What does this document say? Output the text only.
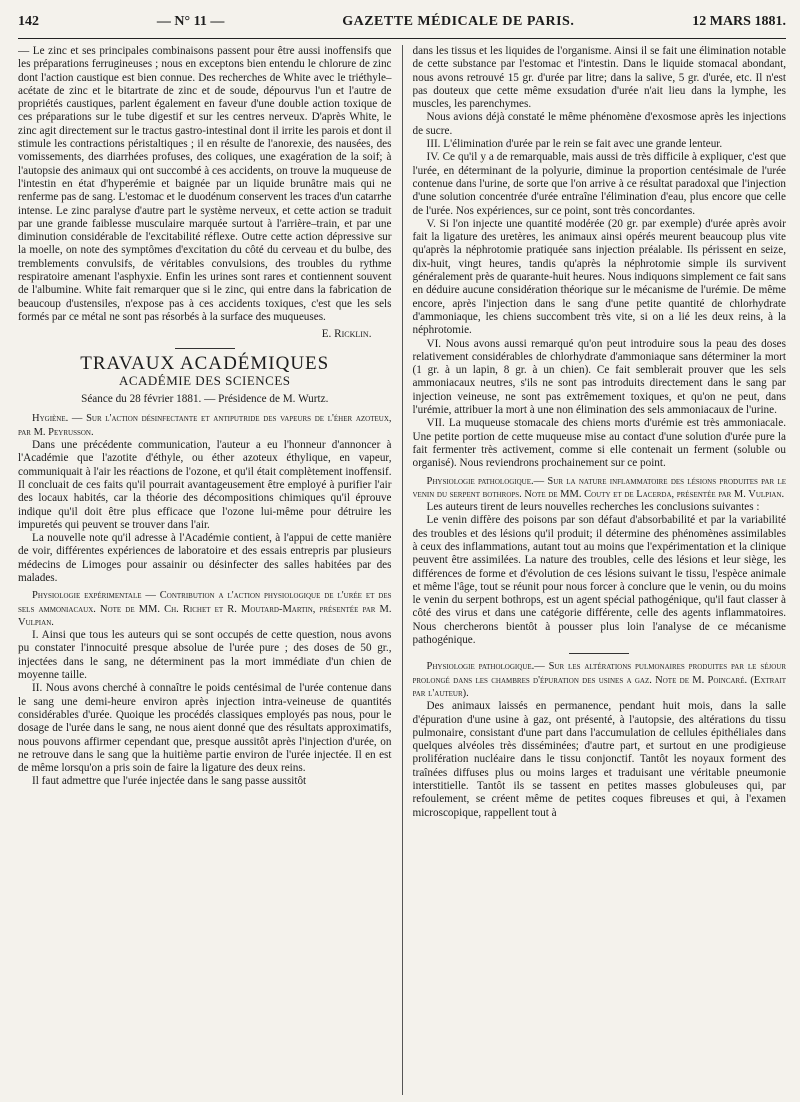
142	— N° 11 —	GAZETTE MÉDICALE DE PARIS.	12 MARS 1881.

— Le zinc et ses principales combinaisons passent pour être aussi inoffensifs que les préparations ferrugineuses ; nous en exceptons bien entendu le chlorure de zinc dont l'action caustique est bien connue. Des recherches de White avec le triéthyle–acétate de zinc et le bitartrate de zinc et de soude, dépourvus l'un et l'autre de propriétés caustiques, parlent également en faveur d'une double action toxique de ces préparations sur le tube digestif et sur les centres nerveux. D'après White, le zinc agit directement sur le tractus gastro-intestinal dont il irrite les parois et dont il stimule les contractions péristaltiques ; il en résulte de l'anorexie, des nausées, des vomissements, des diarrhées profuses, des coliques, une exagération de la soif; à l'autopsie des animaux qui ont succombé à ces accidents, on trouve la muqueuse de l'intestin en état d'hyperémie et baignée par un liquide brunâtre mais qui ne renferme pas de sang. L'estomac et le duodénum conservent les traces d'un catarrhe intense. Le zinc paralyse d'autre part le système nerveux, et cette action se traduit par une grande faiblesse musculaire marquée surtout à l'arrière–train, et par une diminution considérable de l'excitabilité réflexe. Outre cette action dépressive sur la moelle, on note des symptômes d'excitation du côté du cerveau et du bulbe, des tremblements convulsifs, de véritables convulsions, des troubles du rythme respiratoire amenant l'asphyxie. Enfin les urines sont rares et contiennent souvent de l'albumine. White fait remarquer que si le zinc, qui entre dans la fabrication de beaucoup d'ustensiles, n'expose pas à ces accidents toxiques, c'est que les sels formés par ce métal ne sont pas résorbés à la surface des muqueuses.

E. Ricklin.
TRAVAUX ACADÉMIQUES
ACADÉMIE DES SCIENCES
Séance du 28 février 1881. — Présidence de M. Wurtz.

Hygiène. — Sur l'action désinfectante et antiputride des vapeurs de l'éher azoteux, par M. Peyrusson.

Dans une précédente communication, l'auteur a eu l'honneur d'annoncer à l'Académie que l'azotite d'éthyle, ou éther azoteux éthylique, en vapeur, communiquait à l'air les réactions de l'ozone, et qu'il était complètement inoffensif. Il concluait de ces faits qu'il pourrait avantageusement être employé à purifier l'air des locaux habités, car la théorie des décompositions chimiques qu'il éprouve indique qu'il doit être plus efficace que l'ozone lui-même pour détruire les impuretés qui peuvent se trouver dans l'air.

La nouvelle note qu'il adresse à l'Académie contient, à l'appui de cette manière de voir, différentes expériences de laboratoire et des essais entrepris par plusieurs médecins de Limoges pour assainir ou désinfecter des salles habitées par des malades.

Physiologie expérimentale — Contribution a l'action physiologique de l'urée et des sels ammoniacaux. Note de MM. Ch. Richet et R. Moutard-Martin, présentée par M. Vulpian.

I. Ainsi que tous les auteurs qui se sont occupés de cette question, nous avons pu constater l'innocuité presque absolue de l'urée pure ; des doses de 50 gr., injectées dans le sang, ne déterminent pas la mort immédiate d'un chien de moyenne taille.

II. Nous avons cherché à connaître le poids centésimal de l'urée contenue dans le sang une demi-heure environ après injection intra-veineuse de quantités considérables d'urée. Quoique les procédés classiques employés pas nous, pour le dosage de l'urée dans le sang, ne nous aient donné que des résultats approximatifs, nous pouvons affirmer cependant que, presque aussitôt après l'injection d'urée, on ne retrouve dans le sang que la huitième partie environ de l'urée injectée. Il en est de même lorsqu'on a pris soin de faire la ligature des deux reins.

Il faut admettre que l'urée injectée dans le sang passe aussitôt

dans les tissus et les liquides de l'organisme. Ainsi il se fait une élimination notable de cette substance par l'estomac et l'intestin. Dans le liquide stomacal abondant, nous avons retrouvé 15 gr. d'urée par litre; dans la salive, 5 gr. d'urée, etc. Il n'est pas douteux que cette même exsudation d'urée n'ait lieu dans la lymphe, les muscles, les parenchymes.

Nous avions déjà constaté le même phénomène d'exosmose après les injections de sucre.

III. L'élimination d'urée par le rein se fait avec une grande lenteur.

IV. Ce qu'il y a de remarquable, mais aussi de très difficile à expliquer, c'est que l'urée, en déterminant de la polyurie, diminue la proportion centésimale de l'urée contenue dans l'urine, de sorte que l'on arrive à ce résultat paradoxal que l'injection d'une solution concentrée d'urée entraîne l'élimination d'eau, plus encore que celle de l'urée. Nos expériences, sur ce point, sont très concordantes.

V. Si l'on injecte une quantité modérée (20 gr. par exemple) d'urée après avoir fait la ligature des uretères, les animaux ainsi opérés meurent beaucoup plus vite qu'après la néphrotomie pratiquée sans injection préalable. Ils périssent en seize, dix-huit, vingt heures, tandis qu'après la néphrotomie simple ils survivent généralement près de quarante-huit heures. Nous indiquons simplement ce fait sans en déduire aucune considération théorique sur le mécanisme de l'urémie. De même encore, après l'injection dans le sang d'une petite quantité de chlorhydrate d'ammoniaque, les chiens succombent très vite, si on a lié les deux reins, à la néphrotomie.

VI. Nous avons aussi remarqué qu'on peut introduire sous la peau des doses relativement considérables de chlorhydrate d'ammoniaque sans déterminer la mort (1 gr. à un lapin, 8 gr. à un chien). Ce fait semblerait prouver que les sels ammoniacaux neutres, s'ils ne sont pas introduits directement dans le sang par injection veineuse, ne sont pas extrêmement toxiques, et qu'on ne peut, dans l'urémie, attribuer la mort à une non élimination des sels ammoniacaux de l'urine.

VII. La muqueuse stomacale des chiens morts d'urémie est très ammoniacale. Une petite portion de cette muqueuse mise au contact d'une solution d'urée pure la fait fermenter très activement, comme si elle contenait un ferment (soluble ou organisé). Nous reviendrons prochainement sur ce point.

Physiologie pathologique.— Sur la nature inflammatoire des lésions produites par le venin du serpent bothrops. Note de MM. Couty et de Lacerda, présentée par M. Vulpian.

Les auteurs tirent de leurs nouvelles recherches les conclusions suivantes :

Le venin diffère des poisons par son défaut d'absorbabilité et par la variabilité des troubles et des lésions qu'il produit; il détermine des phénomènes assimilables à ceux des inflammations, autant tout au moins que l'expérimentation et la clinique peuvent être assimilées. La nature des troubles, celle des lésions et leur siège, les différences de forme et d'évolution de ces lésions suivant le tissu, l'espèce animale et même l'âge, tout se réunit pour nous forcer à conclure que le venin, ou du moins le venin du serpent bothrops, est un agent spécial pathogénique, qu'il faut classer à côté des virus et dans une catégorie différente, celle des agents inflammatoires. Nous chercherons bientôt à pousser plus loin l'analyse de ce mécanisme pathogénique.

Physiologie pathologique.— Sur les altérations pulmonaires produites par le séjour prolongé dans les chambres d'épuration des usines a gaz. Note de M. Poincaré. (Extrait par l'auteur).

Des animaux laissés en permanence, pendant huit mois, dans la salle d'épuration d'une usine à gaz, ont présenté, à l'autopsie, des altérations du tissu pulmonaire, consistant d'une part dans l'accumulation de cellules épithéliales dans quelques alvéoles très disséminées; d'autre part, et surtout en une prodigieuse prolifération nucléaire dans le tissu conjonctif. Tantôt les noyaux forment des traînées diffuses plus ou moins larges et traduisant une véritable pneumonie interstitielle. Tantôt ils se tassent en petites masses globuleuses qui, par refoulement, se créent même de petites coques fibreuses et qui, à l'examen microscopique, rappellent tout à
